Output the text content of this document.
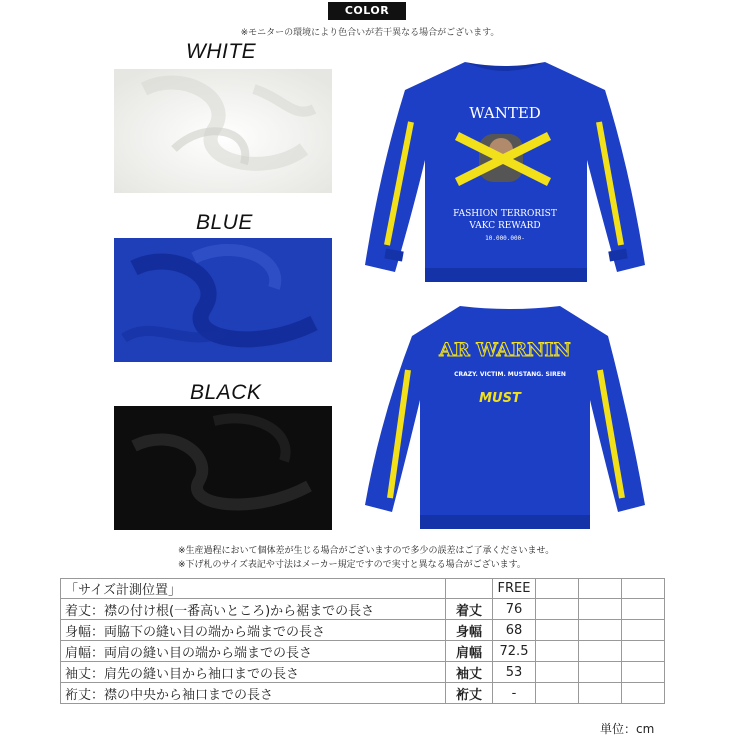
COLOR
※モニターの環境により色合いが若干異なる場合がございます。
WHITE
BLUE
BLACK
WANTED
FASHION TERRORIST
VAKC REWARD
10.000.000-
AR WARNIN
CRAZY. VICTIM. MUSTANG. SIREN
MUST
※生産過程において個体差が生じる場合がございますので多少の誤差はご了承くださいませ。
※下げ札のサイズ表記や寸法はメーカー規定ですので実寸と異なる場合がございます。
「サイズ計測位置」		FREE			
着丈：襟の付け根(一番高いところ)から裾までの長さ	着丈	76			
身幅：両脇下の縫い目の端から端までの長さ	身幅	68			
肩幅：両肩の縫い目の端から端までの長さ	肩幅	72.5			
袖丈：肩先の縫い目から袖口までの長さ	袖丈	53			
裄丈：襟の中央から袖口までの長さ	裄丈	-			
単位：cm
